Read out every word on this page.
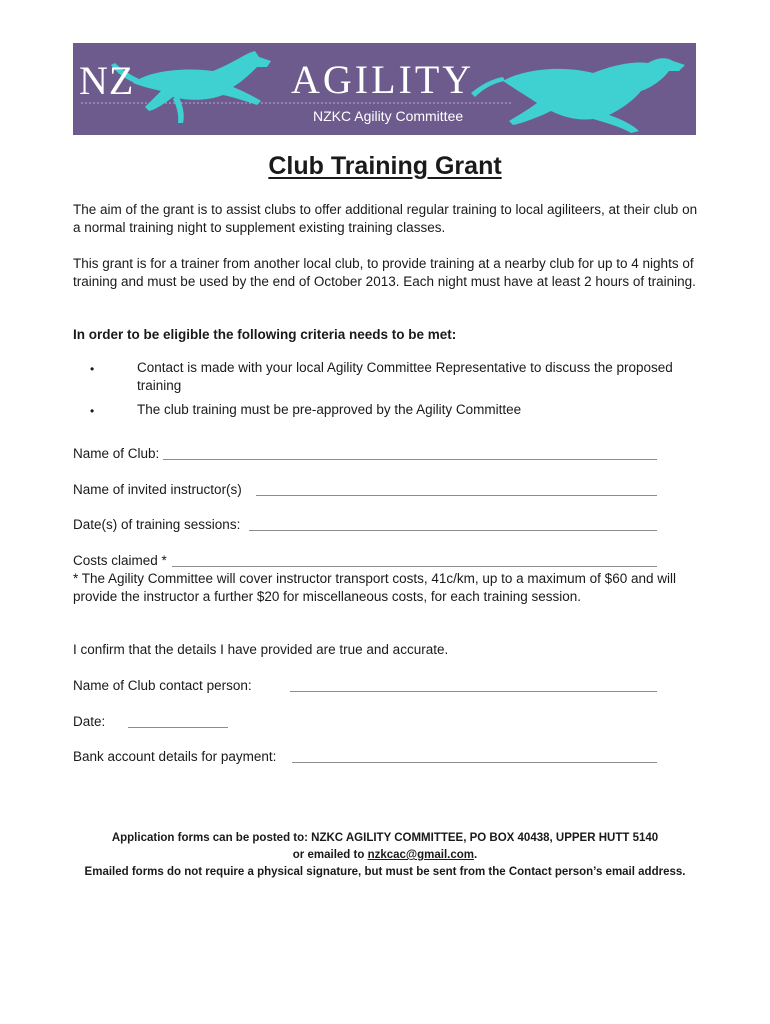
NZ	AGILITY
NZKC Agility Committee
Club Training Grant
The aim of the grant is to assist clubs to offer additional regular training to local agiliteers, at their club on a normal training night to supplement existing training classes.
This grant is for a trainer from another local club, to provide training at a nearby club for up to 4 nights of training and must be used by the end of October 2013. Each night must have at least 2 hours of training.
In order to be eligible the following criteria needs to be met:
•	Contact is made with your local Agility Committee Representative to discuss the proposed training
•	The club training must be pre-approved by the Agility Committee
Name of Club:
Name of invited instructor(s)
Date(s) of training sessions:
Costs claimed *
* The Agility Committee will cover instructor transport costs, 41c/km, up to a maximum of $60 and will provide the instructor a further $20 for miscellaneous costs, for each training session.
I confirm that the details I have provided are true and accurate.
Name of Club contact person:
Date:
Bank account details for payment:
Application forms can be posted to: NZKC AGILITY COMMITTEE, PO BOX 40438, UPPER HUTT 5140
or emailed to nzkcac@gmail.com.
Emailed forms do not require a physical signature, but must be sent from the Contact person’s email address.
